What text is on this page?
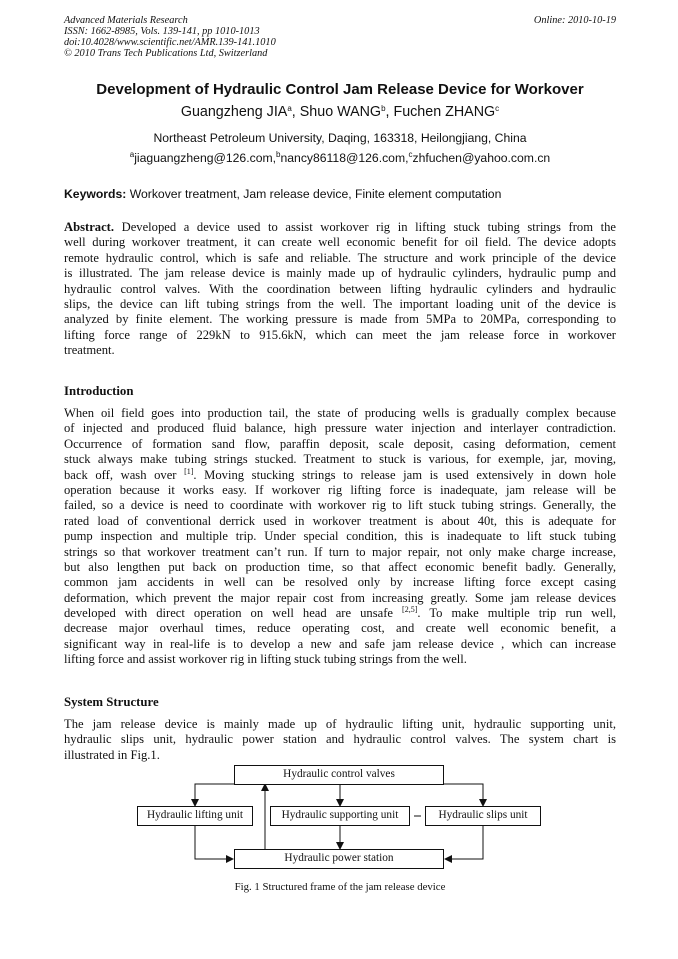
Advanced Materials Research
ISSN: 1662-8985, Vols. 139-141, pp 1010-1013
doi:10.4028/www.scientific.net/AMR.139-141.1010
© 2010 Trans Tech Publications Ltd, Switzerland
Online: 2010-10-19
Development of Hydraulic Control Jam Release Device for Workover
Guangzheng JIA$^a$, Shuo WANG$^b$, Fuchen ZHANG$^c$
Northeast Petroleum University, Daqing, 163318, Heilongjiang, China
$^a$jiaguangzheng@126.com,$^b$nancy86118@126.com,$^c$zhfuchen@yahoo.com.cn
Keywords: Workover treatment, Jam release device, Finite element computation
Abstract. Developed a device used to assist workover rig in lifting stuck tubing strings from the
well during workover treatment, it can create well economic benefit for oil field. The device adopts
remote hydraulic control, which is safe and reliable. The structure and work principle of the device
is illustrated. The jam release device is mainly made up of hydraulic cylinders, hydraulic pump and
hydraulic control valves. With the coordination between lifting hydraulic cylinders and hydraulic
slips, the device can lift tubing strings from the well. The important loading unit of the device is
analyzed by finite element. The working pressure is made from 5MPa to 20MPa, corresponding to
lifting force range of 229kN to 915.6kN, which can meet the jam release force in workover
treatment.
Introduction
When oil field goes into production tail, the state of producing wells is gradually complex because
of injected and produced fluid balance, high pressure water injection and interlayer contradiction.
Occurrence of formation sand flow, paraffin deposit, scale deposit, casing deformation, cement
stuck always make tubing strings stucked. Treatment to stuck is various, for exemple, jar, moving,
back off, wash over [1]. Moving stucking strings to release jam is used extensively in down hole
operation because it works easy. If workover rig lifting force is inadequate, jam release will be
failed, so a device is need to coordinate with workover rig to lift stuck tubing strings. Generally, the
rated load of conventional derrick used in workover treatment is about 40t, this is adequate for
pump inspection and multiple trip. Under special condition, this is inadequate to lift stuck tubing
strings so that workover treatment can’t run. If turn to major repair, not only make charge increase,
but also lengthen put back on production time, so that affect economic benefit badly. Generally,
common jam accidents in well can be resolved only by increase lifting force except casing
deformation, which prevent the major repair cost from increasing greatly. Some jam release devices
developed with direct operation on well head are unsafe [2,5]. To make multiple trip run well,
decrease major overhaul times, reduce operating cost, and create well economic benefit, a
significant way in real-life is to develop a new and safe jam release device , which can increase
lifting force and assist workover rig in lifting stuck tubing strings from the well.
System Structure
The jam release device is mainly made up of hydraulic lifting unit, hydraulic supporting unit,
hydraulic slips unit, hydraulic power station and hydraulic control valves. The system chart is
illustrated in Fig.1.
Hydraulic control valves
Hydraulic lifting unit	Hydraulic supporting unit	Hydraulic slips unit
Hydraulic power station
Fig. 1 Structured frame of the jam release device
